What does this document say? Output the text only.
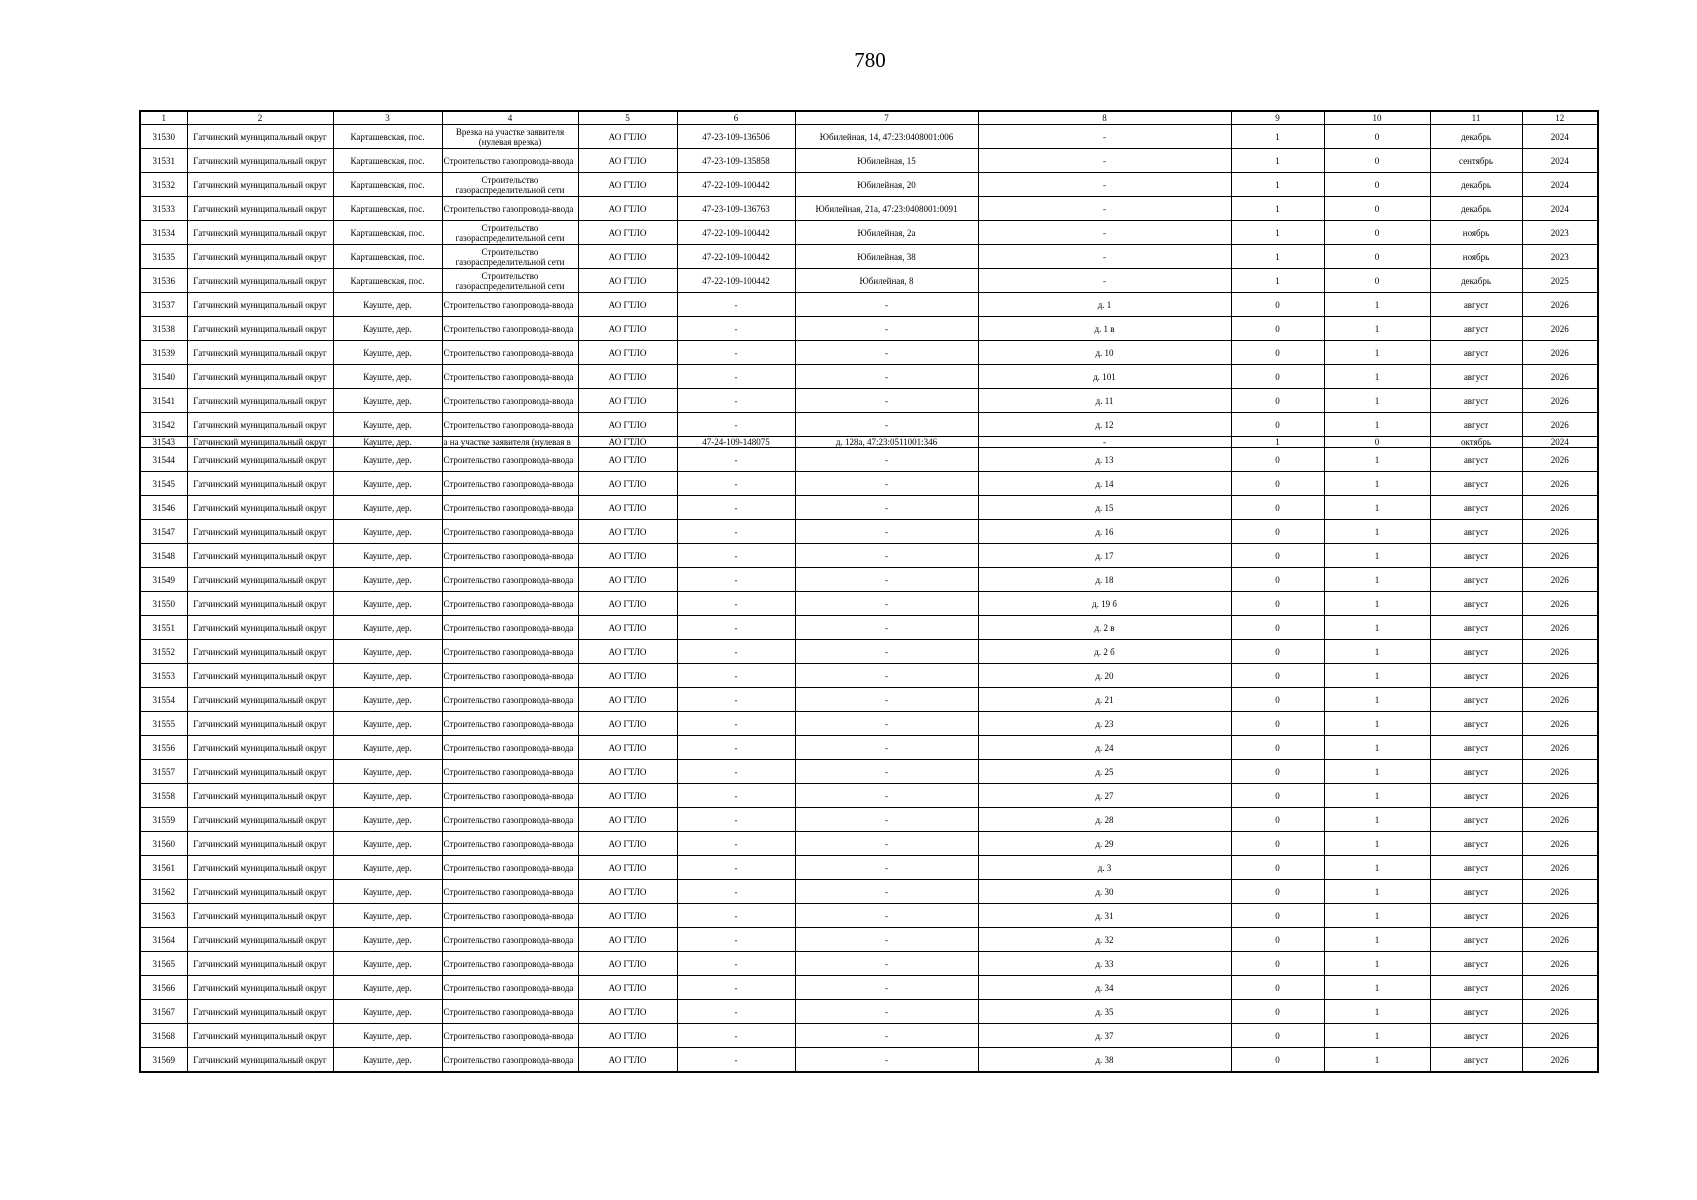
780
1	2	3	4	5	6	7	8	9	10	11	12
31530	Гатчинский муниципальный округ	Карташевская, пос.	Врезка на участке заявителя (нулевая врезка)	АО ГТЛО	47-23-109-136506	Юбилейная, 14, 47:23:0408001:006	-	1	0	декабрь	2024
31531	Гатчинский муниципальный округ	Карташевская, пос.	Строительство газопровода-ввода	АО ГТЛО	47-23-109-135858	Юбилейная, 15	-	1	0	сентябрь	2024
31532	Гатчинский муниципальный округ	Карташевская, пос.	Строительство газораспределительной сети	АО ГТЛО	47-22-109-100442	Юбилейная, 20	-	1	0	декабрь	2024
31533	Гатчинский муниципальный округ	Карташевская, пос.	Строительство газопровода-ввода	АО ГТЛО	47-23-109-136763	Юбилейная, 21а, 47:23:0408001:0091	-	1	0	декабрь	2024
31534	Гатчинский муниципальный округ	Карташевская, пос.	Строительство газораспределительной сети	АО ГТЛО	47-22-109-100442	Юбилейная, 2а	-	1	0	ноябрь	2023
31535	Гатчинский муниципальный округ	Карташевская, пос.	Строительство газораспределительной сети	АО ГТЛО	47-22-109-100442	Юбилейная, 38	-	1	0	ноябрь	2023
31536	Гатчинский муниципальный округ	Карташевская, пос.	Строительство газораспределительной сети	АО ГТЛО	47-22-109-100442	Юбилейная, 8	-	1	0	декабрь	2025
31537	Гатчинский муниципальный округ	Кауште, дер.	Строительство газопровода-ввода	АО ГТЛО	-	-	д. 1	0	1	август	2026
31538	Гатчинский муниципальный округ	Кауште, дер.	Строительство газопровода-ввода	АО ГТЛО	-	-	д. 1 в	0	1	август	2026
31539	Гатчинский муниципальный округ	Кауште, дер.	Строительство газопровода-ввода	АО ГТЛО	-	-	д. 10	0	1	август	2026
31540	Гатчинский муниципальный округ	Кауште, дер.	Строительство газопровода-ввода	АО ГТЛО	-	-	д. 101	0	1	август	2026
31541	Гатчинский муниципальный округ	Кауште, дер.	Строительство газопровода-ввода	АО ГТЛО	-	-	д. 11	0	1	август	2026
31542	Гатчинский муниципальный округ	Кауште, дер.	Строительство газопровода-ввода	АО ГТЛО	-	-	д. 12	0	1	август	2026
31543	Гатчинский муниципальный округ	Кауште, дер.	а на участке заявителя (нулевая в	АО ГТЛО	47-24-109-148075	д. 128а, 47:23:0511001:346	-	1	0	октябрь	2024
31544	Гатчинский муниципальный округ	Кауште, дер.	Строительство газопровода-ввода	АО ГТЛО	-	-	д. 13	0	1	август	2026
31545	Гатчинский муниципальный округ	Кауште, дер.	Строительство газопровода-ввода	АО ГТЛО	-	-	д. 14	0	1	август	2026
31546	Гатчинский муниципальный округ	Кауште, дер.	Строительство газопровода-ввода	АО ГТЛО	-	-	д. 15	0	1	август	2026
31547	Гатчинский муниципальный округ	Кауште, дер.	Строительство газопровода-ввода	АО ГТЛО	-	-	д. 16	0	1	август	2026
31548	Гатчинский муниципальный округ	Кауште, дер.	Строительство газопровода-ввода	АО ГТЛО	-	-	д. 17	0	1	август	2026
31549	Гатчинский муниципальный округ	Кауште, дер.	Строительство газопровода-ввода	АО ГТЛО	-	-	д. 18	0	1	август	2026
31550	Гатчинский муниципальный округ	Кауште, дер.	Строительство газопровода-ввода	АО ГТЛО	-	-	д. 19 б	0	1	август	2026
31551	Гатчинский муниципальный округ	Кауште, дер.	Строительство газопровода-ввода	АО ГТЛО	-	-	д. 2 в	0	1	август	2026
31552	Гатчинский муниципальный округ	Кауште, дер.	Строительство газопровода-ввода	АО ГТЛО	-	-	д. 2 б	0	1	август	2026
31553	Гатчинский муниципальный округ	Кауште, дер.	Строительство газопровода-ввода	АО ГТЛО	-	-	д. 20	0	1	август	2026
31554	Гатчинский муниципальный округ	Кауште, дер.	Строительство газопровода-ввода	АО ГТЛО	-	-	д. 21	0	1	август	2026
31555	Гатчинский муниципальный округ	Кауште, дер.	Строительство газопровода-ввода	АО ГТЛО	-	-	д. 23	0	1	август	2026
31556	Гатчинский муниципальный округ	Кауште, дер.	Строительство газопровода-ввода	АО ГТЛО	-	-	д. 24	0	1	август	2026
31557	Гатчинский муниципальный округ	Кауште, дер.	Строительство газопровода-ввода	АО ГТЛО	-	-	д. 25	0	1	август	2026
31558	Гатчинский муниципальный округ	Кауште, дер.	Строительство газопровода-ввода	АО ГТЛО	-	-	д. 27	0	1	август	2026
31559	Гатчинский муниципальный округ	Кауште, дер.	Строительство газопровода-ввода	АО ГТЛО	-	-	д. 28	0	1	август	2026
31560	Гатчинский муниципальный округ	Кауште, дер.	Строительство газопровода-ввода	АО ГТЛО	-	-	д. 29	0	1	август	2026
31561	Гатчинский муниципальный округ	Кауште, дер.	Строительство газопровода-ввода	АО ГТЛО	-	-	д. 3	0	1	август	2026
31562	Гатчинский муниципальный округ	Кауште, дер.	Строительство газопровода-ввода	АО ГТЛО	-	-	д. 30	0	1	август	2026
31563	Гатчинский муниципальный округ	Кауште, дер.	Строительство газопровода-ввода	АО ГТЛО	-	-	д. 31	0	1	август	2026
31564	Гатчинский муниципальный округ	Кауште, дер.	Строительство газопровода-ввода	АО ГТЛО	-	-	д. 32	0	1	август	2026
31565	Гатчинский муниципальный округ	Кауште, дер.	Строительство газопровода-ввода	АО ГТЛО	-	-	д. 33	0	1	август	2026
31566	Гатчинский муниципальный округ	Кауште, дер.	Строительство газопровода-ввода	АО ГТЛО	-	-	д. 34	0	1	август	2026
31567	Гатчинский муниципальный округ	Кауште, дер.	Строительство газопровода-ввода	АО ГТЛО	-	-	д. 35	0	1	август	2026
31568	Гатчинский муниципальный округ	Кауште, дер.	Строительство газопровода-ввода	АО ГТЛО	-	-	д. 37	0	1	август	2026
31569	Гатчинский муниципальный округ	Кауште, дер.	Строительство газопровода-ввода	АО ГТЛО	-	-	д. 38	0	1	август	2026
